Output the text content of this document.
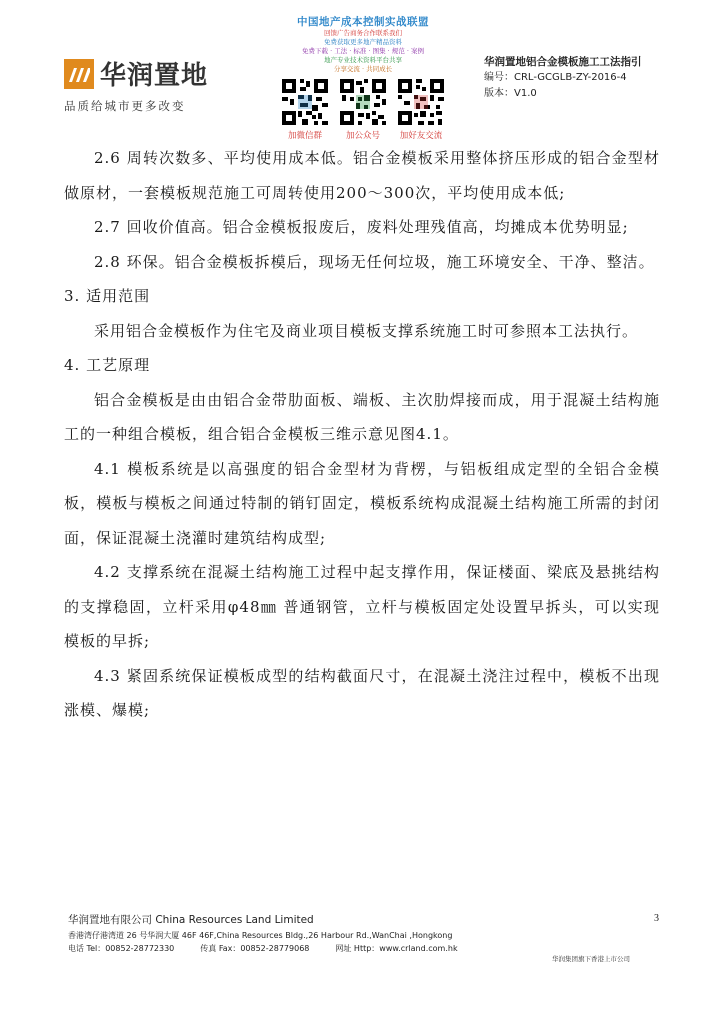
华润置地
品质给城市更多改变
中国地产成本控制实战联盟
回馈广告商务合作联系我们
免费获取更多地产精品资料
免费下载 · 工法 · 标准 · 图集 · 规范 · 案例
地产专业技术资料平台共享
分享交流 · 共同成长
加微信群	加公众号	加好友交流
华润置地铝合金模板施工工法指引
编号：CRL-GCGLB-ZY-2016-4
版本：V1.0

2.6 周转次数多、平均使用成本低。铝合金模板采用整体挤压形成的铝合金型材做原材，一套模板规范施工可周转使用200～300次，平均使用成本低;

2.7 回收价值高。铝合金模板报废后，废料处理残值高，均摊成本优势明显;

2.8 环保。铝合金模板拆模后，现场无任何垃圾，施工环境安全、干净、整洁。

3. 适用范围

采用铝合金模板作为住宅及商业项目模板支撑系统施工时可参照本工法执行。

4. 工艺原理

铝合金模板是由由铝合金带肋面板、端板、主次肋焊接而成，用于混凝土结构施工的一种组合模板，组合铝合金模板三维示意见图4.1。

4.1 模板系统是以高强度的铝合金型材为背楞，与铝板组成定型的全铝合金模板，模板与模板之间通过特制的销钉固定，模板系统构成混凝土结构施工所需的封闭面，保证混凝土浇灌时建筑结构成型;

4.2 支撑系统在混凝土结构施工过程中起支撑作用，保证楼面、梁底及悬挑结构的支撑稳固，立杆采用φ48㎜ 普通钢管，立杆与模板固定处设置早拆头，可以实现模板的早拆;

4.3 紧固系统保证模板成型的结构截面尺寸，在混凝土浇注过程中，模板不出现涨模、爆模;

华润置地有限公司 China Resources Land Limited
香港湾仔港湾道 26 号华润大厦 46F 46F,China Resources Bldg.,26 Harbour Rd.,WanChai ,Hongkong
电话 Tel：00852-28772330	传真 Fax：00852-28779068	网址 Http：www.crland.com.hk
3
华润集团旗下香港上市公司
